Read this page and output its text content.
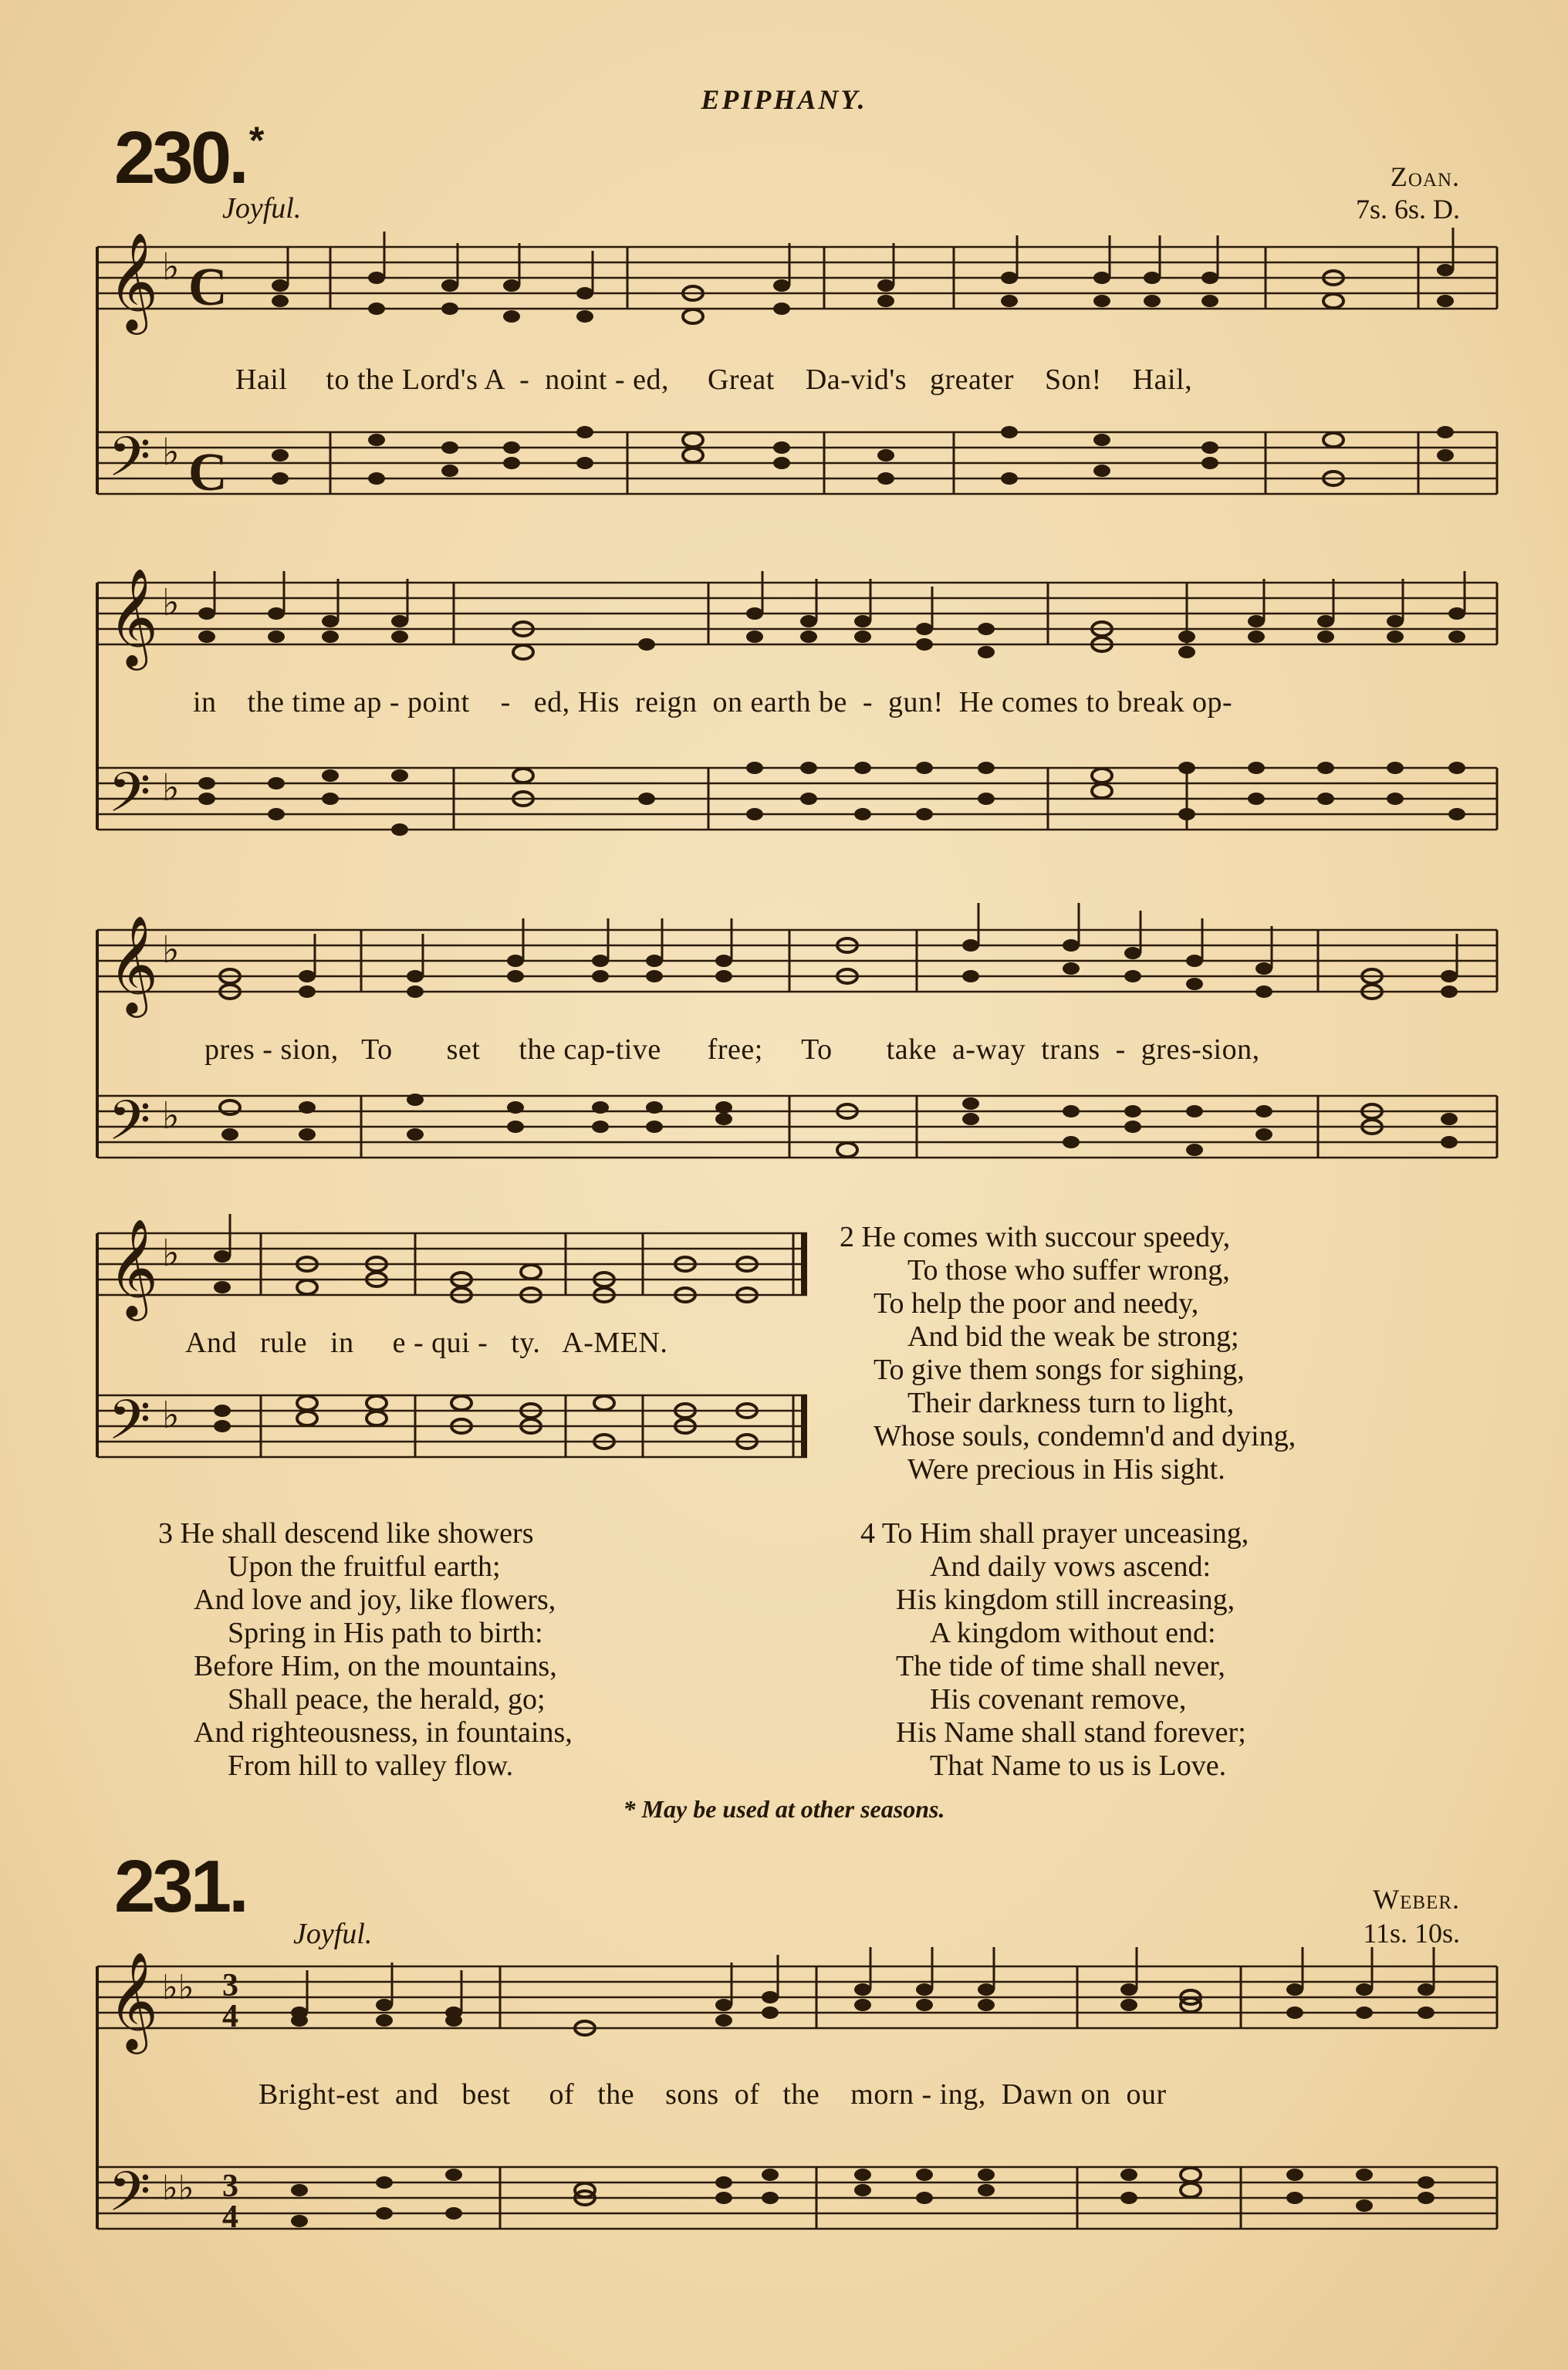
EPIPHANY.
230.*
Joyful.
Zoan.
7s. 6s. D.
𝄞
𝄢
♭
♭
C
C
Hail     to the Lord's A  -  noint - ed,     Great    Da-vid's   greater    Son!    Hail,
𝄞
𝄢
♭
♭
in    the time ap - point    -   ed, His  reign  on earth be  -  gun!  He comes to break op-
𝄞
𝄢
♭
♭
pres - sion,   To       set     the cap-tive      free;     To       take  a-way  trans  -  gres-sion,
𝄞
𝄢
♭
♭
And   rule   in     e - qui -   ty.   A-MEN.
2 He comes with succour speedy,
To those who suffer wrong,
To help the poor and needy,
And bid the weak be strong;
To give them songs for sighing,
Their darkness turn to light,
Whose souls, condemn'd and dying,
Were precious in His sight.
3 He shall descend like showers
Upon the fruitful earth;
And love and joy, like flowers,
Spring in His path to birth:
Before Him, on the mountains,
Shall peace, the herald, go;
And righteousness, in fountains,
From hill to valley flow.
4 To Him shall prayer unceasing,
And daily vows ascend:
His kingdom still increasing,
A kingdom without end:
The tide of time shall never,
His covenant remove,
His Name shall stand forever;
That Name to us is Love.
* May be used at other seasons.
231.	Weber.
Joyful.	11s. 10s.
𝄞
𝄢
♭♭
♭♭
3
4
3
4
Bright-est  and   best     of   the    sons  of   the    morn - ing,  Dawn on  our
